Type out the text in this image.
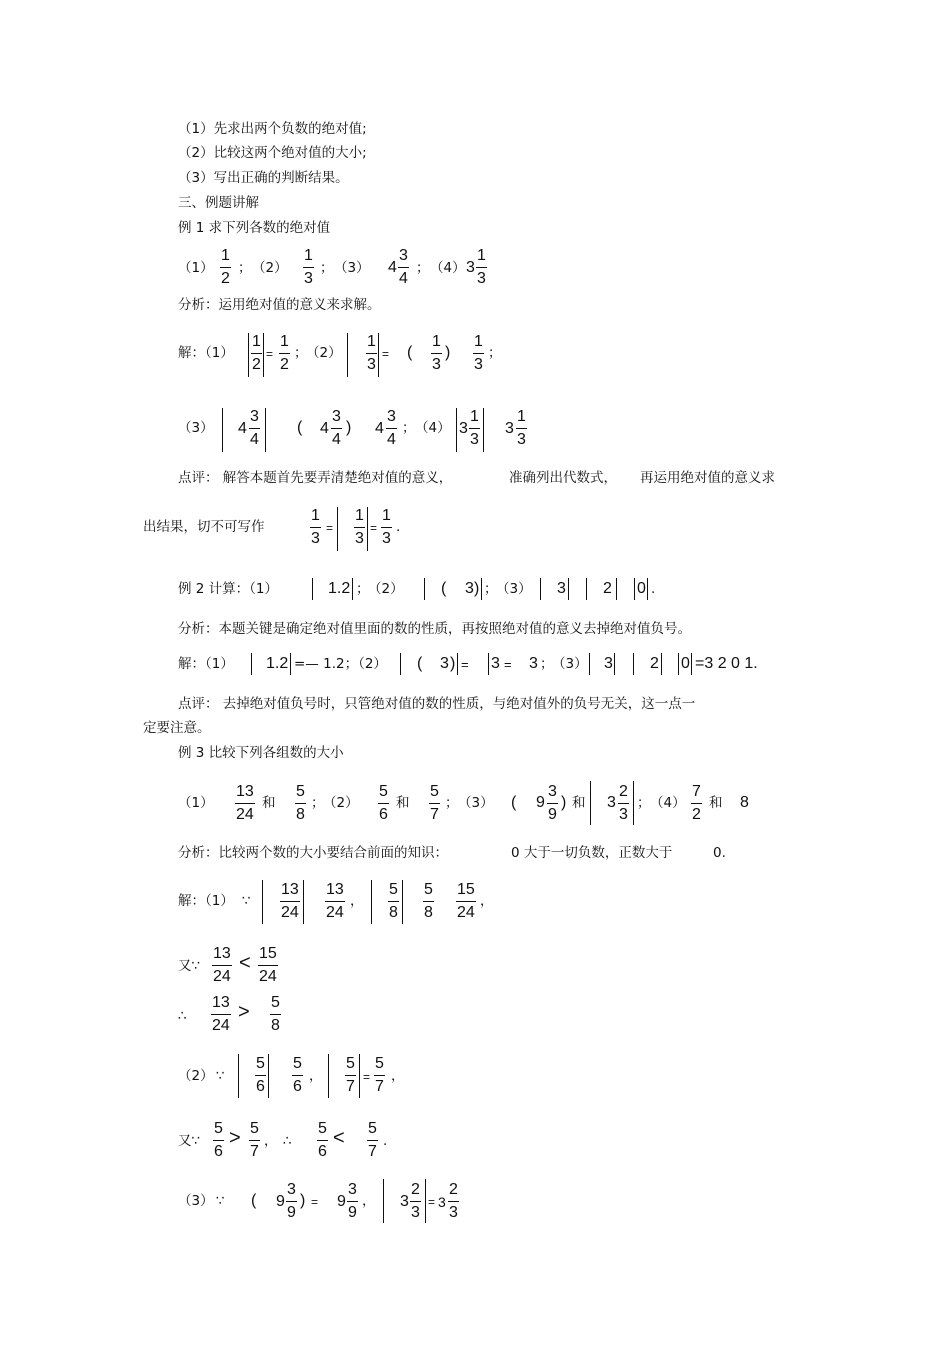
（1）先求出两个负数的绝对值;
（2）比较这两个绝对值的大小;
（3）写出正确的判断结果。
三、例题讲解
例 1 求下列各数的绝对值
（1）
1
2
； （2）
1
3
； （3） 4
3
4
； （4） 3
1
3
分析：运用绝对值的意义来求解。
解：（1）
1
2
=
1
2
；
（2）
1
3
= (
1
3
)
1
3
；
（3） 4
3
4
( 4
3
4
) 4
3
4
； （4） 3
1
3
3
1
3
点评： 解答本题首先要弄清楚绝对值的意义，	准确列出代数式， 再运用绝对值的意义求
出结果，切不可写作
1
3
=
1
3
=
1
3
.
例 2 计算：（1）	1.2 ；
（2） ( 3 ) ；
（3） 3 2 0 .
分析：本题关键是确定绝对值里面的数的性质，再按照绝对值的意义去掉绝对值负号。
解：（1） 1.2 =— 1.2；（2） ( 3 ) = 3 = 3 ；
（3） 3 2 0 =3 2 0 1.
点评： 去掉绝对值负号时，只管绝对值的数的性质，与绝对值外的负号无关，这一点一
定要注意。
例 3 比较下列各组数的大小
（1）
13
24
和
5
8
；
（2）
5
6
和
5
7
； （3） ( 9
3
9
) 和 3
2
3
； （4）
7
2
和 8
分析：比较两个数的大小要结合前面的知识：	0 大于一切负数，正数大于	0.
解：（1） ∵
13
24
13
24
，
5
8
5
8
15
24
，
又∵
13
24
< 15
24
∴
13
24
> 5
8
（2） ∵
5
6
5
6
，
5
7
=
5
7
，
又∵
5
6
> 5
7
， ∴
5
6
< 5
7
.
（3） ∵ ( 9
3
9
) = 9
3
9
， 3
2
3
= 3
2
3
